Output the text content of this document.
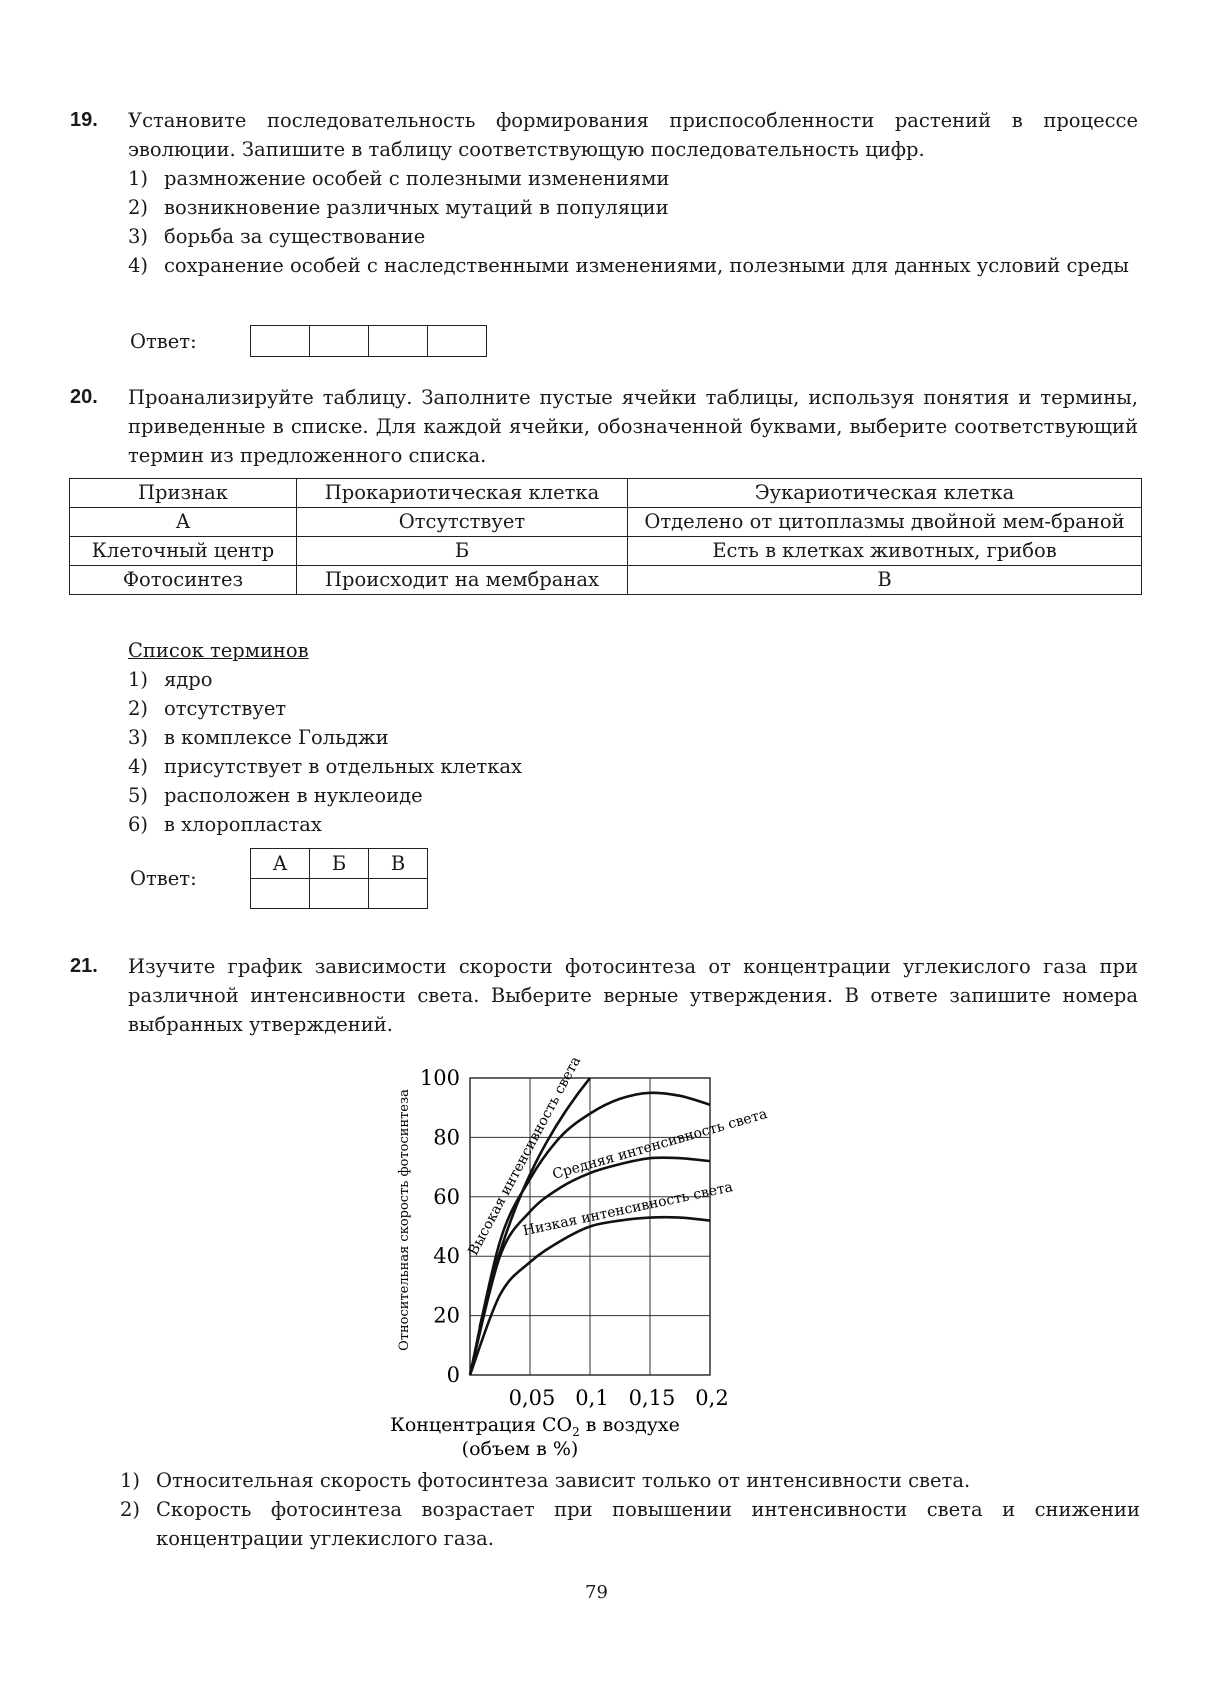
19. Установите последовательность формирования приспособленности растений в процессе эволюции. Запишите в таблицу соответствующую последовательность цифр.
1) размножение особей с полезными изменениями
2) возникновение различных мутаций в популяции
3) борьба за существование
4) сохранение особей с наследственными изменениями, полезными для данных условий среды
Ответ:
20. Проанализируйте таблицу. Заполните пустые ячейки таблицы, используя понятия и термины, приведенные в списке. Для каждой ячейки, обозначенной буквами, выберите соответствующий термин из предложенного списка.
Признак	Прокариотическая клетка	Эукариотическая клетка
А	Отсутствует	Отделено от цитоплазмы двойной мем-браной
Клеточный центр	Б	Есть в клетках животных, грибов
Фотосинтез	Происходит на мембранах	В
Список терминов
1) ядро
2) отсутствует
3) в комплексе Гольджи
4) присутствует в отдельных клетках
5) расположен в нуклеоиде
6) в хлоропластах
Ответ:
А	Б	В

21. Изучите график зависимости скорости фотосинтеза от концентрации углекислого газа при различной интенсивности света. Выберите верные утверждения. В ответе запишите номера выбранных утверждений.
Высокая интенсивность света
Средняя интенсивность света
Низкая интенсивность света
0
20
40
60
80
100
0,05 0,1 0,15 0,2
Относительная скорость фотосинтеза
Концентрация $CO_2$ в воздухе
(объем в %)
1) Относительная скорость фотосинтеза зависит только от интенсивности света.
2) Скорость фотосинтеза возрастает при повышении интенсивности света и снижении концентрации углекислого газа.
79
